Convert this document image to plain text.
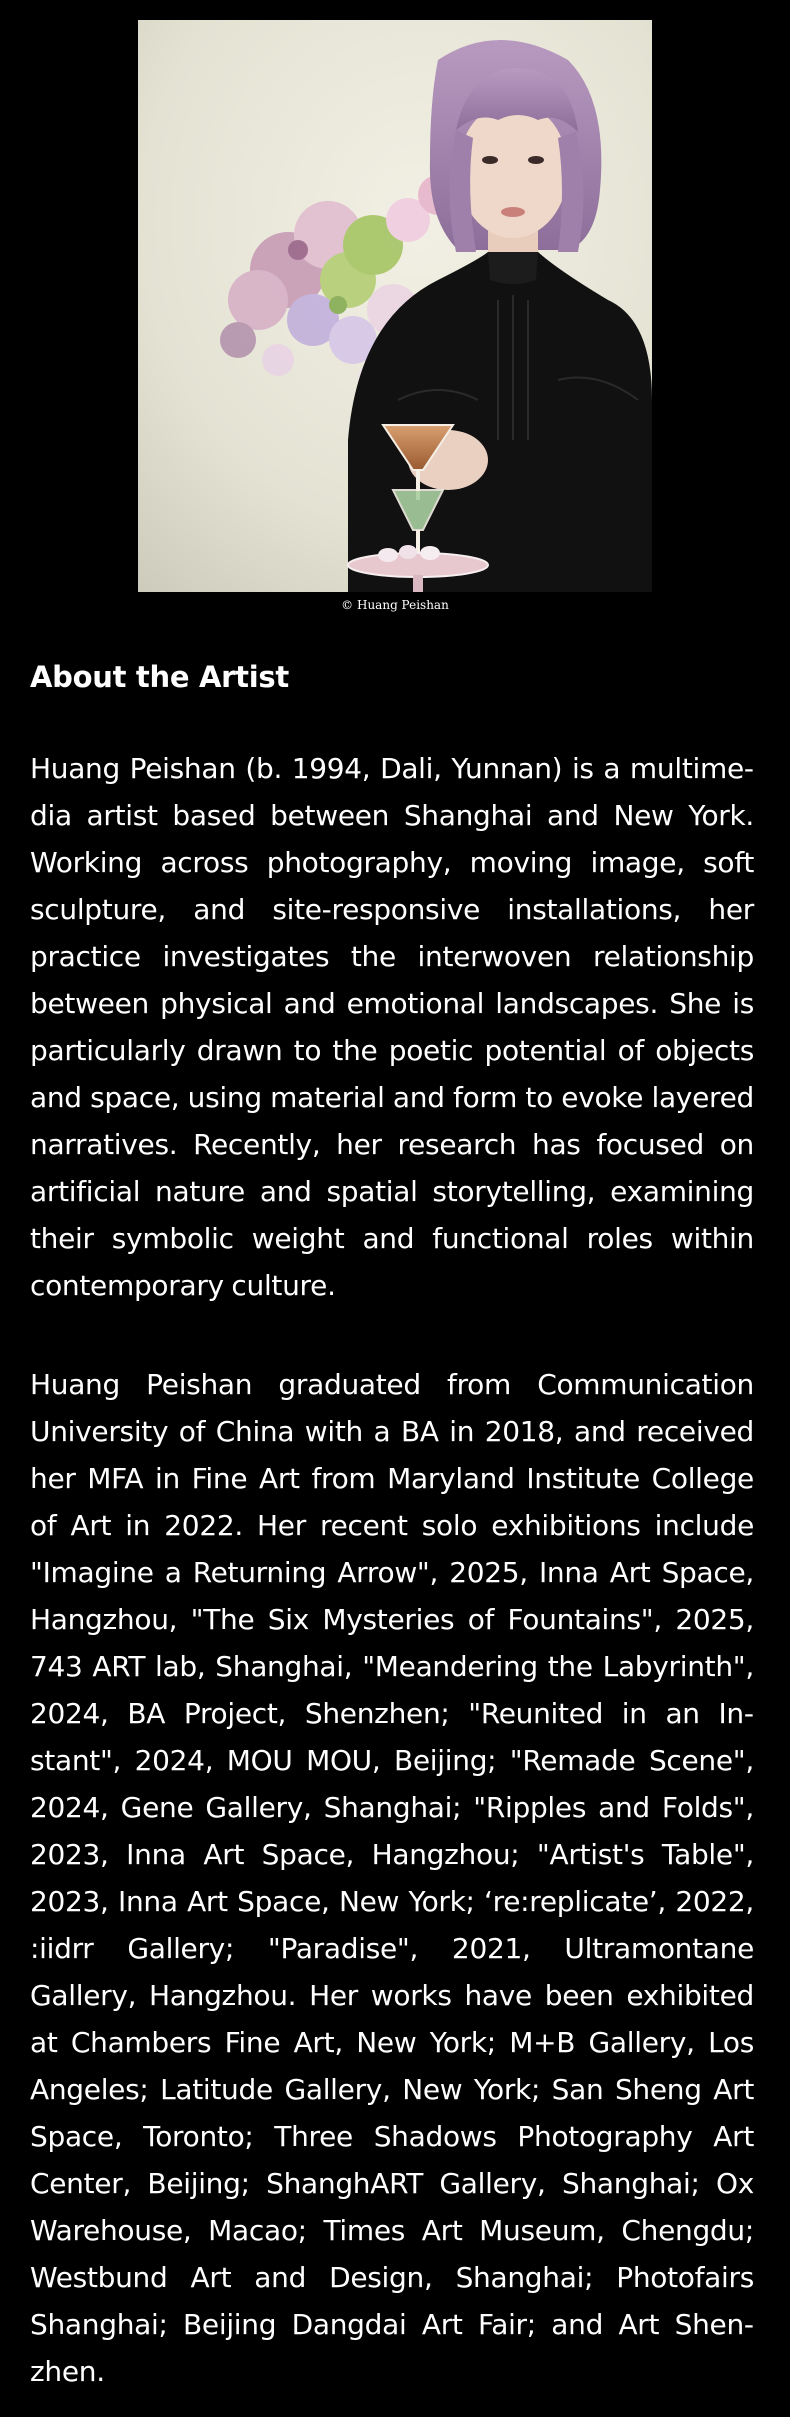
© Huang Peishan
About the Artist

Huang Peishan (b. 1994, Dali, Yunnan) is a multimedia artist based between Shanghai and New York. Working across photography, moving image, soft sculpture, and site-responsive installations, her practice investigates the interwoven relationship between physical and emotional landscapes. She is particularly drawn to the poetic potential of objects and space, using material and form to evoke layered narratives. Recently, her research has focused on artificial nature and spatial storytelling, examining their symbolic weight and functional roles within contemporary culture.

Huang Peishan graduated from Communication University of China with a BA in 2018, and received her MFA in Fine Art from Maryland Institute College of Art in 2022. Her recent solo exhibitions include "Imagine a Returning Arrow", 2025, Inna Art Space, Hangzhou, "The Six Mysteries of Fountains", 2025, 743 ART lab, Shanghai, "Meandering the Labyrinth", 2024, BA Project, Shenzhen; "Reunited in an Instant", 2024, MOU MOU, Beijing; "Remade Scene", 2024, Gene Gallery, Shanghai; "Ripples and Folds", 2023, Inna Art Space, Hangzhou; "Artist's Table", 2023, Inna Art Space, New York; ‘re:replicate’, 2022, :iidrr Gallery; "Paradise", 2021, Ultramontane Gallery, Hangzhou. Her works have been exhibited at Chambers Fine Art, New York; M+B Gallery, Los Angeles; Latitude Gallery, New York; San Sheng Art Space, Toronto; Three Shadows Photography Art Center, Beijing; ShanghART Gallery, Shanghai; Ox Warehouse, Macao; Times Art Museum, Chengdu; Westbund Art and Design, Shanghai; Photofairs Shanghai; Beijing Dangdai Art Fair; and Art Shenzhen.
